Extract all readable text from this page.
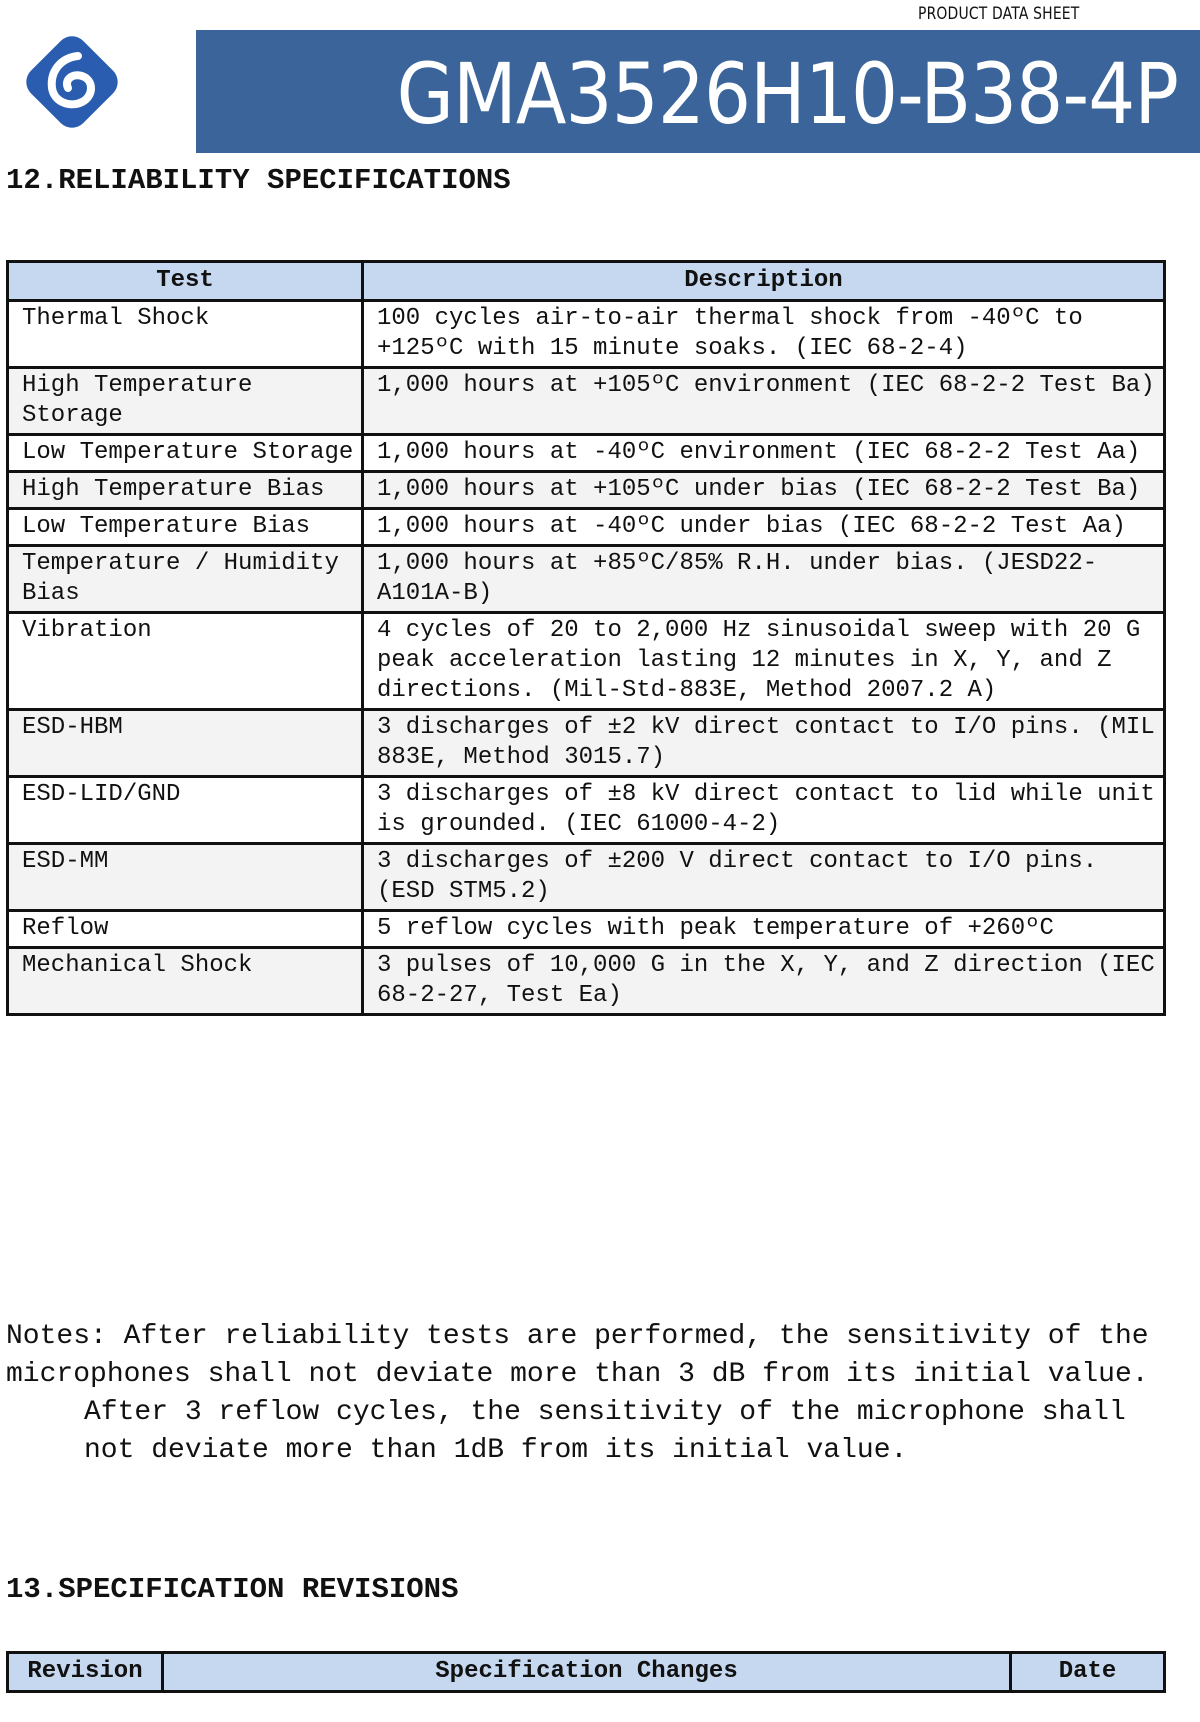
PRODUCT DATA SHEET
GMA3526H10-B38-4P
12.RELIABILITY SPECIFICATIONS
Test	Description
Thermal Shock	100 cycles air-to-air thermal shock from -40ºC to +125ºC with 15 minute soaks. (IEC 68-2-4)
High Temperature Storage	1,000 hours at +105ºC environment (IEC 68-2-2 Test Ba)
Low Temperature Storage	1,000 hours at -40ºC environment (IEC 68-2-2 Test Aa)
High Temperature Bias	1,000 hours at +105ºC under bias (IEC 68-2-2 Test Ba)
Low Temperature Bias	1,000 hours at -40ºC under bias (IEC 68-2-2 Test Aa)
Temperature / Humidity Bias	1,000 hours at +85ºC/85% R.H. under bias. (JESD22-A101A-B)
Vibration	4 cycles of 20 to 2,000 Hz sinusoidal sweep with 20 G peak acceleration lasting 12 minutes in X, Y, and Z directions. (Mil-Std-883E, Method 2007.2 A)
ESD-HBM	3 discharges of ±2 kV direct contact to I/O pins. (MIL 883E, Method 3015.7)
ESD-LID/GND	3 discharges of ±8 kV direct contact to lid while unit is grounded. (IEC 61000-4-2)
ESD-MM	3 discharges of ±200 V direct contact to I/O pins. (ESD STM5.2)
Reflow	5 reflow cycles with peak temperature of +260ºC
Mechanical Shock	3 pulses of 10,000 G in the X, Y, and Z direction (IEC 68-2-27, Test Ea)

Notes: After reliability tests are performed, the sensitivity of the microphones shall not deviate more than 3 dB from its initial value.

After 3 reflow cycles, the sensitivity of the microphone shall not deviate more than 1dB from its initial value.

13.SPECIFICATION REVISIONS
Revision	Specification Changes	Date
